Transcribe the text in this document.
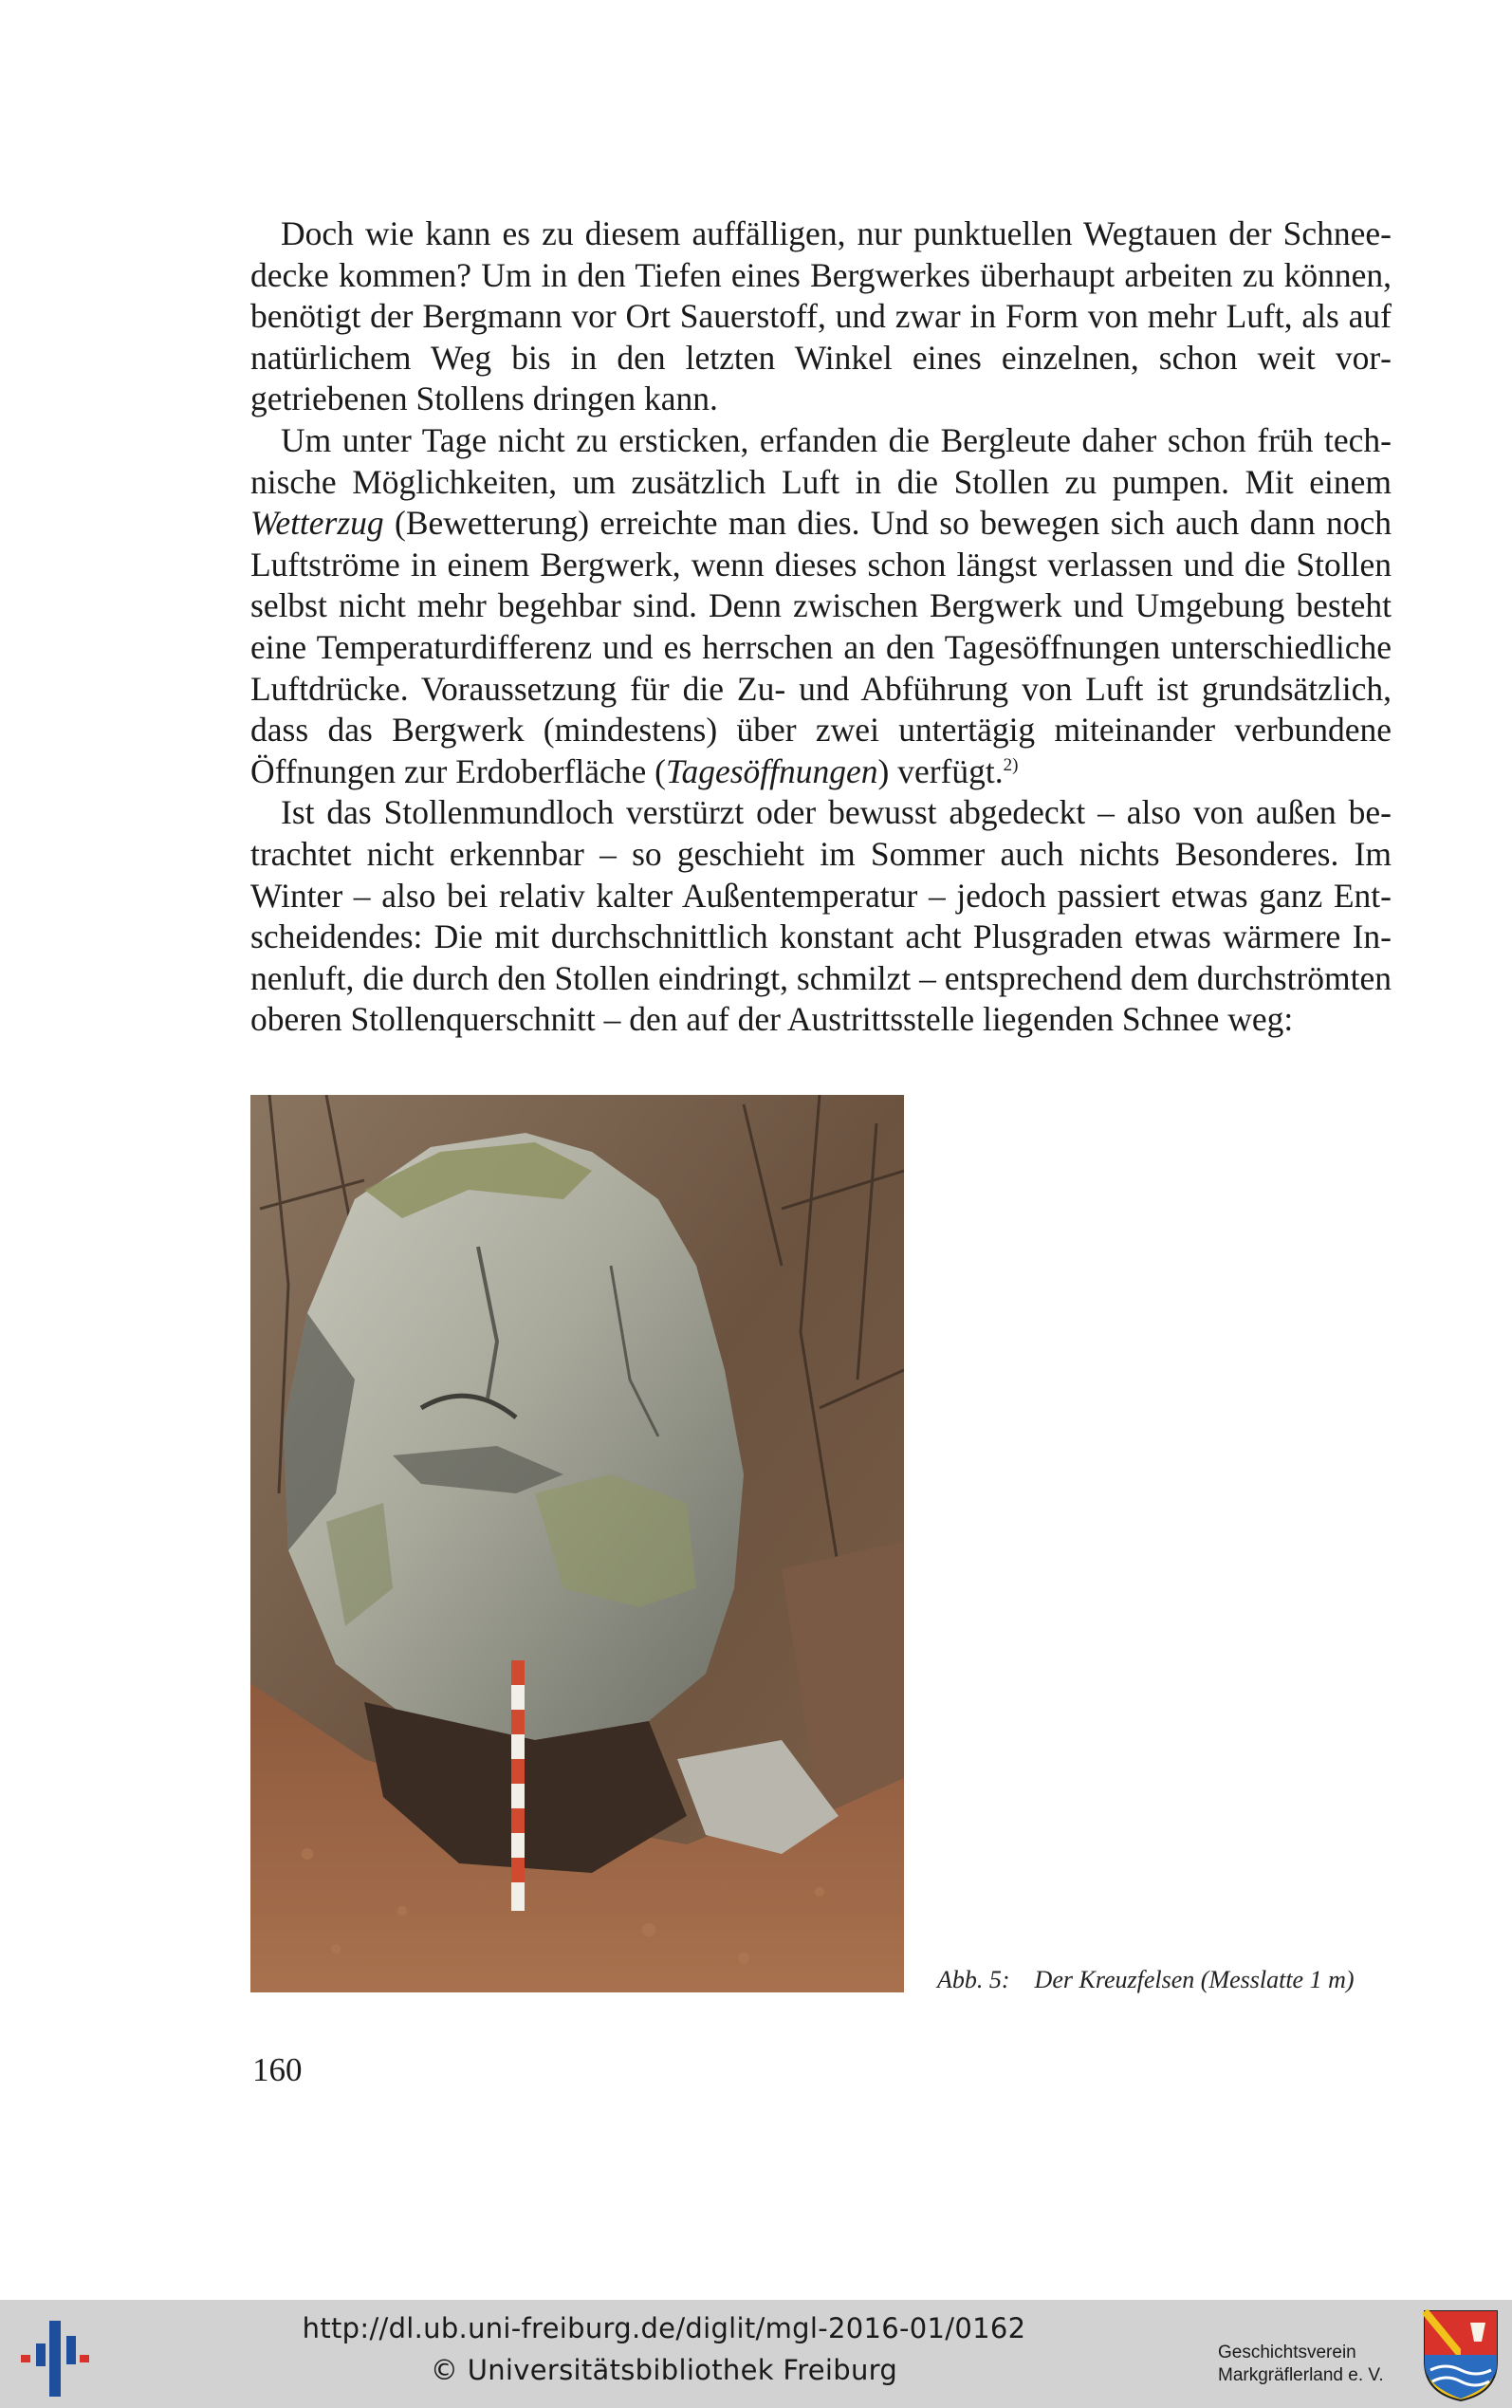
Doch wie kann es zu diesem auffälligen, nur punktuellen Wegtauen der Schneedecke kommen? Um in den Tiefen eines Bergwerkes überhaupt arbeiten zu können, benötigt der Bergmann vor Ort Sauerstoff, und zwar in Form von mehr Luft, als auf natürlichem Weg bis in den letzten Winkel eines einzelnen, schon weit vorgetriebenen Stollens dringen kann.

Um unter Tage nicht zu ersticken, erfanden die Bergleute daher schon früh technische Möglichkeiten, um zusätzlich Luft in die Stollen zu pumpen. Mit einem Wetterzug (Bewetterung) erreichte man dies. Und so bewegen sich auch dann noch Luftströme in einem Bergwerk, wenn dieses schon längst verlassen und die Stollen selbst nicht mehr begehbar sind. Denn zwischen Bergwerk und Umgebung besteht eine Temperaturdifferenz und es herrschen an den Tagesöffnungen unterschiedliche Luftdrücke. Voraussetzung für die Zu- und Abführung von Luft ist grundsätzlich, dass das Bergwerk (mindestens) über zwei untertägig miteinander verbundene Öffnungen zur Erdoberfläche (Tagesöffnungen) verfügt.$^{2)}$

Ist das Stollenmundloch verstürzt oder bewusst abgedeckt – also von außen betrachtet nicht erkennbar – so geschieht im Sommer auch nichts Besonderes. Im Winter – also bei relativ kalter Außentemperatur – jedoch passiert etwas ganz Entscheidendes: Die mit durchschnittlich konstant acht Plusgraden etwas wärmere Innenluft, die durch den Stollen eindringt, schmilzt – entsprechend dem durchströmten oberen Stollenquerschnitt – den auf der Austrittsstelle liegenden Schnee weg:

Abb. 5: Der Kreuzfelsen (Messlatte 1 m)
160
http://dl.ub.uni-freiburg.de/diglit/mgl-2016-01/0162
© Universitätsbibliothek Freiburg
Geschichtsverein
Markgräflerland e. V.
